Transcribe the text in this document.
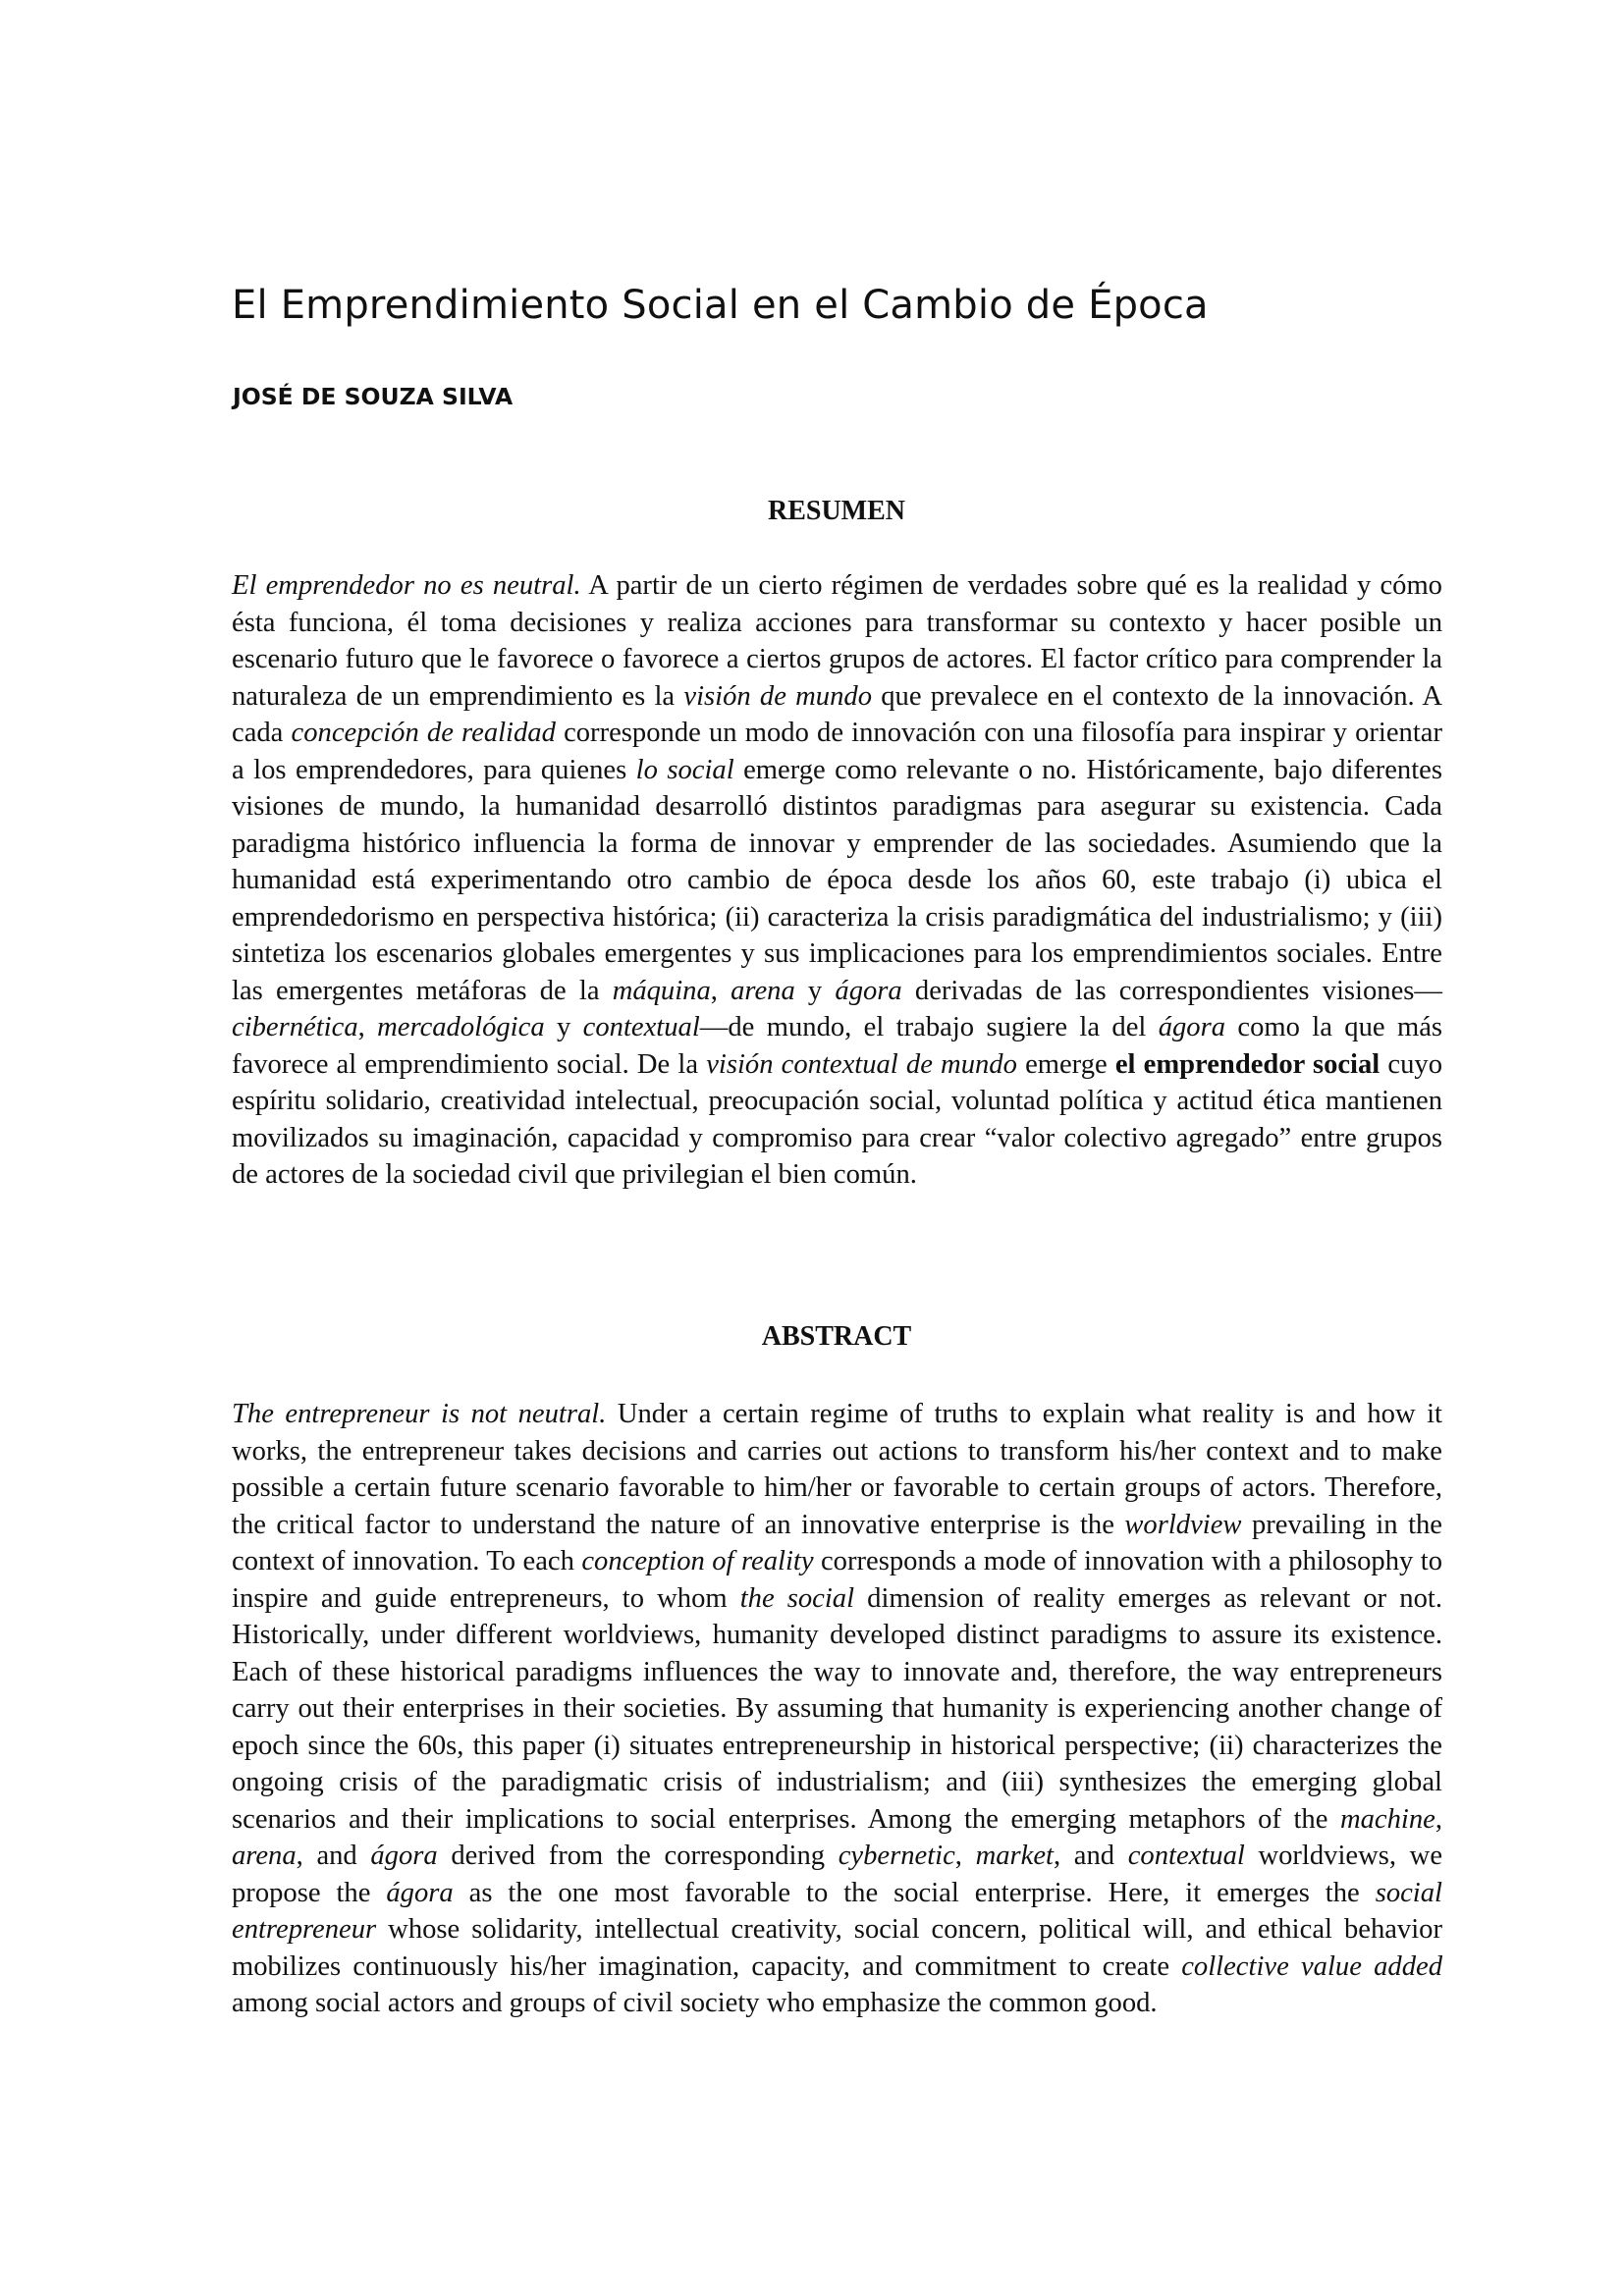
El Emprendimiento Social en el Cambio de Época
JOSÉ DE SOUZA SILVA
RESUMEN

El emprendedor no es neutral. A partir de un cierto régimen de verdades sobre qué es la realidad y cómo ésta funciona, él toma decisiones y realiza acciones para transformar su contexto y hacer posible un escenario futuro que le favorece o favorece a ciertos grupos de actores. El factor crítico para comprender la naturaleza de un emprendimiento es la visión de mundo que prevalece en el contexto de la innovación. A cada concepción de realidad corresponde un modo de innovación con una filosofía para inspirar y orientar a los emprendedores, para quienes lo social emerge como relevante o no. Históricamente, bajo diferentes visiones de mundo, la humanidad desarrolló distintos paradigmas para asegurar su existencia. Cada paradigma histórico influencia la forma de innovar y emprender de las sociedades. Asumiendo que la humanidad está experimentando otro cambio de época desde los años 60, este trabajo (i) ubica el emprendedorismo en perspectiva histórica; (ii) caracteriza la crisis paradigmática del industrialismo; y (iii) sintetiza los escenarios globales emergentes y sus implicaciones para los emprendimientos sociales. Entre las emergentes metáforas de la máquina, arena y ágora derivadas de las correspondientes visiones—cibernética, mercadológica y contextual—de mundo, el trabajo sugiere la del ágora como la que más favorece al emprendimiento social. De la visión contextual de mundo emerge el emprendedor social cuyo espíritu solidario, creatividad intelectual, preocupación social, voluntad política y actitud ética mantienen movilizados su imaginación, capacidad y compromiso para crear “valor colectivo agregado” entre grupos de actores de la sociedad civil que privilegian el bien común.

ABSTRACT

The entrepreneur is not neutral. Under a certain regime of truths to explain what reality is and how it works, the entrepreneur takes decisions and carries out actions to transform his/her context and to make possible a certain future scenario favorable to him/her or favorable to certain groups of actors. Therefore, the critical factor to understand the nature of an innovative enterprise is the worldview prevailing in the context of innovation. To each conception of reality corresponds a mode of innovation with a philosophy to inspire and guide entrepreneurs, to whom the social dimension of reality emerges as relevant or not. Historically, under different worldviews, humanity developed distinct paradigms to assure its existence. Each of these historical paradigms influences the way to innovate and, therefore, the way entrepreneurs carry out their enterprises in their societies. By assuming that humanity is experiencing another change of epoch since the 60s, this paper (i) situates entrepreneurship in historical perspective; (ii) characterizes the ongoing crisis of the paradigmatic crisis of industrialism; and (iii) synthesizes the emerging global scenarios and their implications to social enterprises. Among the emerging metaphors of the machine, arena, and ágora derived from the corresponding cybernetic, market, and contextual worldviews, we propose the ágora as the one most favorable to the social enterprise. Here, it emerges the social entrepreneur whose solidarity, intellectual creativity, social concern, political will, and ethical behavior mobilizes continuously his/her imagination, capacity, and commitment to create collective value added among social actors and groups of civil society who emphasize the common good.
